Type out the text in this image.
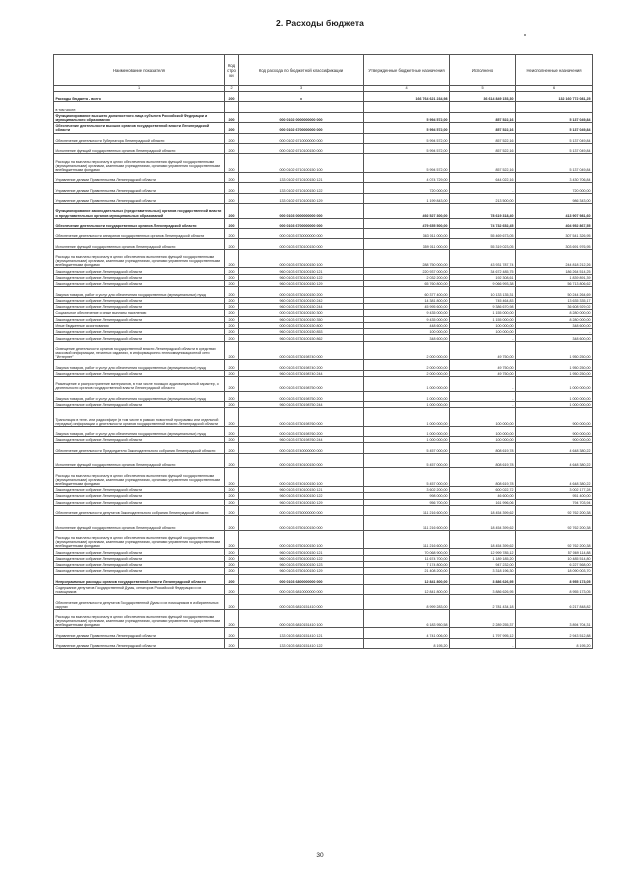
2. Расходы бюджета
Наименование показателя	Код стро ки	Код расхода по бюджетной классификации	Утвержденные бюджетные назначения	Исполнено	Неисполненные назначения
1	2	3	4	5	6
Расходы бюджета - всего	200	x	166 764 621 234,98	36 614 849 153,30	132 160 772 081,25
в том числе:					
Функционирование высшего должностного лица субъекта Российской Федерации и муниципального образования	200	000 0102 0000000000 000	5 994 572,00	857 522,16	5 137 049,84
Обеспечение деятельности высших органов государственной власти Ленинградской области	200	000 0102 6700000000 000	5 994 572,00	857 522,16	5 137 049,84
Обеспечение деятельности Губернатора Ленинградской области	200	000 0102 6710000000 000	5 994 572,00	857 522,16	5 137 049,84
Исполнение функций государственных органов Ленинградской области	200	000 0102 6710100150 000	5 994 572,00	857 522,16	5 137 049,84
Расходы на выплаты персоналу в целях обеспечения выполнения функций государственными (муниципальными) органами, казенными учреждениями, органами управления государственными внебюджетными фондами	200	000 0102 6710100150 100	5 994 572,00	857 522,16	5 137 049,84
Управление делами Правительства Ленинградской области	200	133 0102 6710100150 121	4 074 729,00	644 022,16	3 430 706,84
Управление делами Правительства Ленинградской области	200	133 0102 6710100150 122	720 000,00	-	720 000,00
Управление делами Правительства Ленинградской области	200	133 0102 6710100150 129	1 199 843,00	213 500,00	986 343,00
Функционирование законодательных (представительных) органов государственной власти и представительных органов муниципальных образований	200	000 0103 0000000000 000	492 527 300,00	78 619 318,40	413 907 981,60
Обеспечение деятельности государственных органов Ленинградской области	200	000 0103 6700000000 000	479 655 500,00	74 732 652,45	404 952 867,55
Обеспечение деятельности аппаратов государственных органов Ленинградской области	200	000 0103 6730000000 000	363 011 000,00	55 469 673,05	307 541 326,95
Исполнение функций государственных органов Ленинградской области	200	000 0103 6730100150 000	359 011 000,00	55 319 023,05	303 691 976,95
Расходы на выплаты персоналу в целях обеспечения выполнения функций государственными (муниципальными) органами, казенными учреждениями, органами управления государственными внебюджетными фондами	200	000 0103 6730100150 100	288 750 000,00	43 931 787,74	244 818 212,26
Законодательное собрание Ленинградской области	200	960 0103 6730100150 121	220 937 000,00	34 672 485,75	186 264 514,25
Законодательное собрание Ленинградской области	200	960 0103 6730100150 122	2 032 200,00	192 308,61	1 839 891,39
Законодательное собрание Ленинградской области	200	960 0103 6730100150 129	65 760 800,00	9 066 993,38	56 713 806,62
Закупка товаров, работ и услуг для обеспечения государственных (муниципальных) нужд	200	000 0103 6730100150 200	60 377 400,00	10 133 135,31	50 244 264,69
Законодательное собрание Ленинградской области	200	960 0103 6730100150 242	14 381 800,00	745 464,83	13 635 335,17
Законодательное собрание Ленинградской области	200	960 0103 6730100150 244	45 995 600,00	9 386 670,98	36 608 929,02
Социальное обеспечение и иные выплаты населению	200	000 0103 6730100150 300	9 435 000,00	1 155 000,00	8 280 000,00
Законодательное собрание Ленинградской области	200	960 0103 6730100150 350	9 435 000,00	1 155 000,00	8 280 000,00
Иные бюджетные ассигнования	200	000 0103 6730100150 800	448 600,00	100 000,00	348 600,00
Законодательное собрание Ленинградской области	200	960 0103 6730100150 853	100 000,00	100 000,00	-
Законодательное собрание Ленинградской области	200	960 0103 6730100150 862	348 600,00	-	348 600,00
Освещение деятельности органов государственной власти Ленинградской области в средствах массовой информации, печатных изданиях, в информационно-телекоммуникационной сети "Интернет"	200	000 0103 6730198740 000	2 000 000,00	49 750,00	1 950 250,00
Закупка товаров, работ и услуг для обеспечения государственных (муниципальных) нужд	200	000 0103 6730198740 200	2 000 000,00	49 750,00	1 950 250,00
Законодательное собрание Ленинградской области	200	960 0103 6730198740 244	2 000 000,00	49 750,00	1 950 250,00
Размещение и распространение материалов, в том числе носящих аудиовизуальный характер, о деятельности органов государственной власти Ленинградской области	200	000 0103 6730198750 000	1 000 000,00	-	1 000 000,00
Закупка товаров, работ и услуг для обеспечения государственных (муниципальных) нужд	200	000 0103 6730198750 200	1 000 000,00	-	1 000 000,00
Законодательное собрание Ленинградской области	200	960 0103 6730198750 244	1 000 000,00	-	1 000 000,00
Трансляция в теле- или радиоэфире (в том числе в рамках новостной программы или отдельной передачи) информации о деятельности органов государственной власти Ленинградской области	200	000 0103 6730198760 000	1 000 000,00	100 000,00	900 000,00
Закупка товаров, работ и услуг для обеспечения государственных (муниципальных) нужд	200	000 0103 6730198760 200	1 000 000,00	100 000,00	900 000,00
Законодательное собрание Ленинградской области	200	960 0103 6730198760 244	1 000 000,00	100 000,00	900 000,00
Обеспечение деятельности Председателя Законодательного собрания Ленинградской области	200	000 0103 6740000000 000	5 457 000,00	808 619,78	4 648 380,22
Исполнение функций государственных органов Ленинградской области	200	000 0103 6740100150 000	5 457 000,00	808 619,78	4 648 380,22
Расходы на выплаты персоналу в целях обеспечения выполнения функций государственными (муниципальными) органами, казенными учреждениями, органами управления государственными внебюджетными фондами	200	000 0103 6740100150 100	5 457 000,00	808 619,78	4 648 380,22
Законодательное собрание Ленинградской области	200	960 0103 6740100150 121	3 602 200,00	600 022,72	3 002 177,28
Законодательное собрание Ленинградской области	200	960 0103 6740100150 122	998 000,00	46 600,00	951 400,00
Законодательное собрание Ленинградской области	200	960 0103 6740100150 129	956 700,00	161 996,06	794 703,94
Обеспечение деятельности депутатов Законодательного собрания Ленинградской области	200	000 0103 6750000000 000	111 216 600,00	18 454 399,62	92 762 200,38
Исполнение функций государственных органов Ленинградской области	200	000 0103 6750100150 000	111 216 600,00	18 454 399,62	92 762 200,38
Расходы на выплаты персоналу в целях обеспечения выполнения функций государственными (муниципальными) органами, казенными учреждениями, органами управления государственными внебюджетными фондами	200	000 0103 6750100150 100	111 216 600,00	18 454 399,62	92 762 200,38
Законодательное собрание Ленинградской области	200	960 0103 6750100150 121	70 068 900,00	12 999 785,12	57 069 114,88
Законодательное собрание Ленинградской области	200	960 0103 6750100150 122	11 674 700,00	1 189 185,20	10 485 514,80
Законодательное собрание Ленинградской области	200	960 0103 6750100150 123	7 174 800,00	947 232,00	6 227 568,00
Законодательное собрание Ленинградской области	200	960 0103 6750100150 129	21 408 200,00	3 318 196,30	18 090 003,70
Непрограммные расходы органов государственной власти Ленинградской области	200	000 0103 6800000000 000	12 841 800,00	3 886 626,95	8 955 173,05
Содержание депутатов Государственной Думы, сенаторов Российской Федерации и их помощников	200	000 0103 6810000000 000	12 841 800,00	3 886 626,95	8 955 173,05
Обеспечение деятельности депутатов Государственной Думы и их помощников в избирательных округах	200	000 0103 6810151410 000	8 999 283,00	2 781 434,18	6 217 848,82
Расходы на выплаты персоналу в целях обеспечения выполнения функций государственными (муниципальными) органами, казенными учреждениями, органами управления государственными внебюджетными фондами	200	000 0103 6810151410 100	6 183 950,58	2 289 255,37	3 894 704,31
Управление делами Правительства Ленинградской области	200	133 0103 6810151410 121	4 741 006,00	1 797 995,12	2 943 512,88
Управление делами Правительства Ленинградской области	200	133 0103 6810151410 122	8 195,20	-	8 195,20
30
